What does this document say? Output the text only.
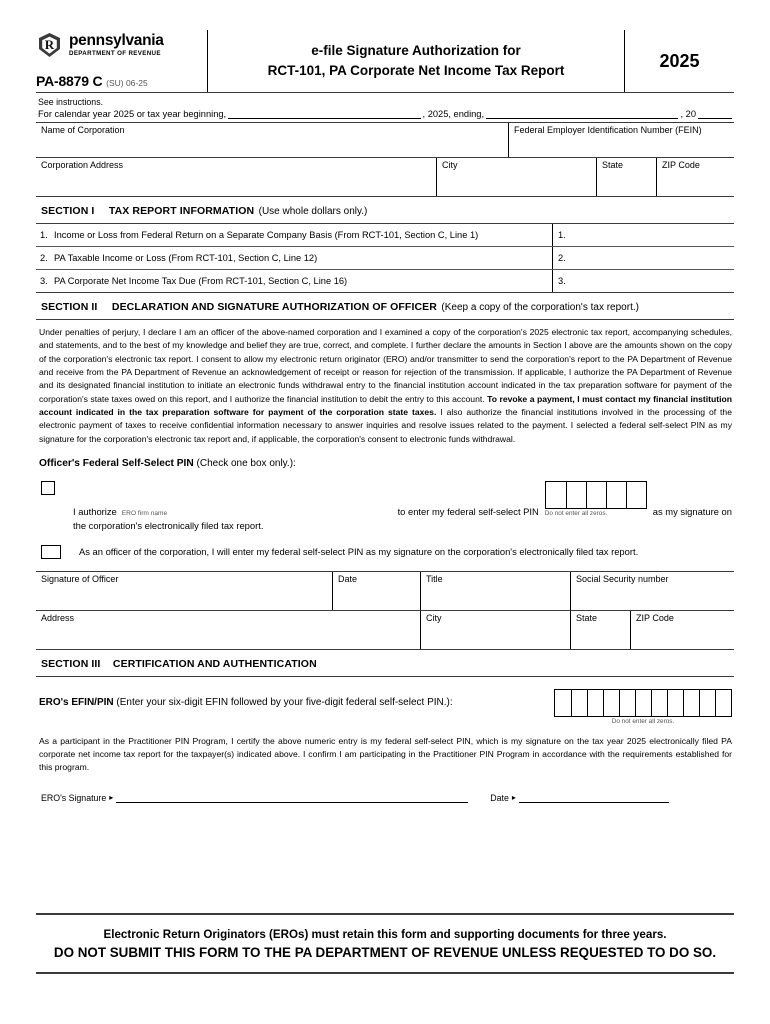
R pennsylvania
DEPARTMENT OF REVENUE
PA-8879 C (SU) 06-25
e-file Signature Authorization for
RCT-101, PA Corporate Net Income Tax Report	2025
See instructions.
For calendar year 2025 or tax year beginning,	, 2025, ending,	, 20
Name of Corporation	Federal Employer Identification Number (FEIN)
Corporation Address	City	State	ZIP Code
SECTION I TAX REPORT INFORMATION (Use whole dollars only.)
1. Income or Loss from Federal Return on a Separate Company Basis (From RCT-101, Section C, Line 1)	1.
2. PA Taxable Income or Loss (From RCT-101, Section C, Line 12)	2.
3. PA Corporate Net Income Tax Due (From RCT-101, Section C, Line 16)	3.
SECTION II DECLARATION AND SIGNATURE AUTHORIZATION OF OFFICER (Keep a copy of the corporation's tax report.)
Under penalties of perjury, I declare I am an officer of the above-named corporation and I examined a copy of the corporation's 2025 electronic tax report, accompanying schedules, and statements, and to the best of my knowledge and belief they are true, correct, and complete. I further declare the amounts in Section I above are the amounts shown on the copy of the corporation's electronic tax report. I consent to allow my electronic return originator (ERO) and/or transmitter to send the corporation's report to the PA Department of Revenue and receive from the PA Department of Revenue an acknowledgement of receipt or reason for rejection of the transmission. If applicable, I authorize the PA Department of Revenue and its designated financial institution to initiate an electronic funds withdrawal entry to the financial institution account indicated in the tax preparation software for payment of the corporation's state taxes owed on this report, and I authorize the financial institution to debit the entry to this account. To revoke a payment, I must contact my financial institution account indicated in the tax preparation software for payment of the corporation state taxes. I also authorize the financial institutions involved in the processing of the electronic payment of taxes to receive confidential information necessary to answer inquiries and resolve issues related to the payment. I selected a federal self-select PIN as my signature for the corporation's electronic tax report and, if applicable, the corporation's consent to electronic funds withdrawal.
Officer's Federal Self-Select PIN (Check one box only.):
I authorize ERO firm name	to enter my federal self-select PIN Do not enter all zeros.	as my signature on
the corporation's electronically filed tax report.
As an officer of the corporation, I will enter my federal self-select PIN as my signature on the corporation's electronically filed tax report.
Signature of Officer	Date	Title	Social Security number
Address	City	State	ZIP Code
SECTION III CERTIFICATION AND AUTHENTICATION
ERO's EFIN/PIN (Enter your six-digit EFIN followed by your five-digit federal self-select PIN.):
Do not enter all zeros.
As a participant in the Practitioner PIN Program, I certify the above numeric entry is my federal self-select PIN, which is my signature on the tax year 2025 electronically filed PA corporate net income tax report for the taxpayer(s) indicated above. I confirm I am participating in the Practitioner PIN Program in accordance with the requirements established for this program.
ERO's Signature ▸	Date ▸
Electronic Return Originators (EROs) must retain this form and supporting documents for three years.
DO NOT SUBMIT THIS FORM TO THE PA DEPARTMENT OF REVENUE UNLESS REQUESTED TO DO SO.
